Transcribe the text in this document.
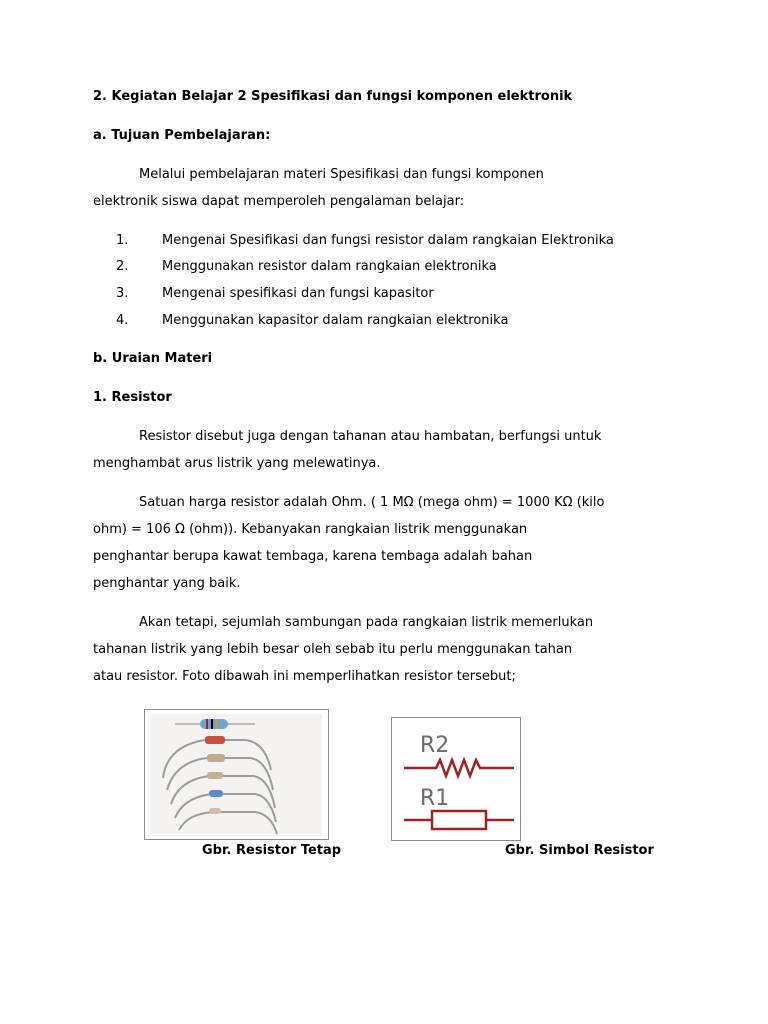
2. Kegiatan Belajar 2 Spesifikasi dan fungsi komponen elektronik
a. Tujuan Pembelajaran:
Melalui pembelajaran materi Spesifikasi dan fungsi komponen
elektronik siswa dapat memperoleh pengalaman belajar:
1.	Mengenai Spesifikasi dan fungsi resistor dalam rangkaian Elektronika
2.	Menggunakan resistor dalam rangkaian elektronika
3.	Mengenai spesifikasi dan fungsi kapasitor
4.	Menggunakan kapasitor dalam rangkaian elektronika
b. Uraian Materi
1. Resistor
Resistor disebut juga dengan tahanan atau hambatan, berfungsi untuk
menghambat arus listrik yang melewatinya.
Satuan harga resistor adalah Ohm. ( 1 MΩ (mega ohm) = 1000 KΩ (kilo
ohm) = 106 Ω (ohm)). Kebanyakan rangkaian listrik menggunakan
penghantar berupa kawat tembaga, karena tembaga adalah bahan
penghantar yang baik.
Akan tetapi, sejumlah sambungan pada rangkaian listrik memerlukan
tahanan listrik yang lebih besar oleh sebab itu perlu menggunakan tahan
atau resistor. Foto dibawah ini memperlihatkan resistor tersebut;
R2
R1
Gbr. Resistor Tetap	Gbr. Simbol Resistor
